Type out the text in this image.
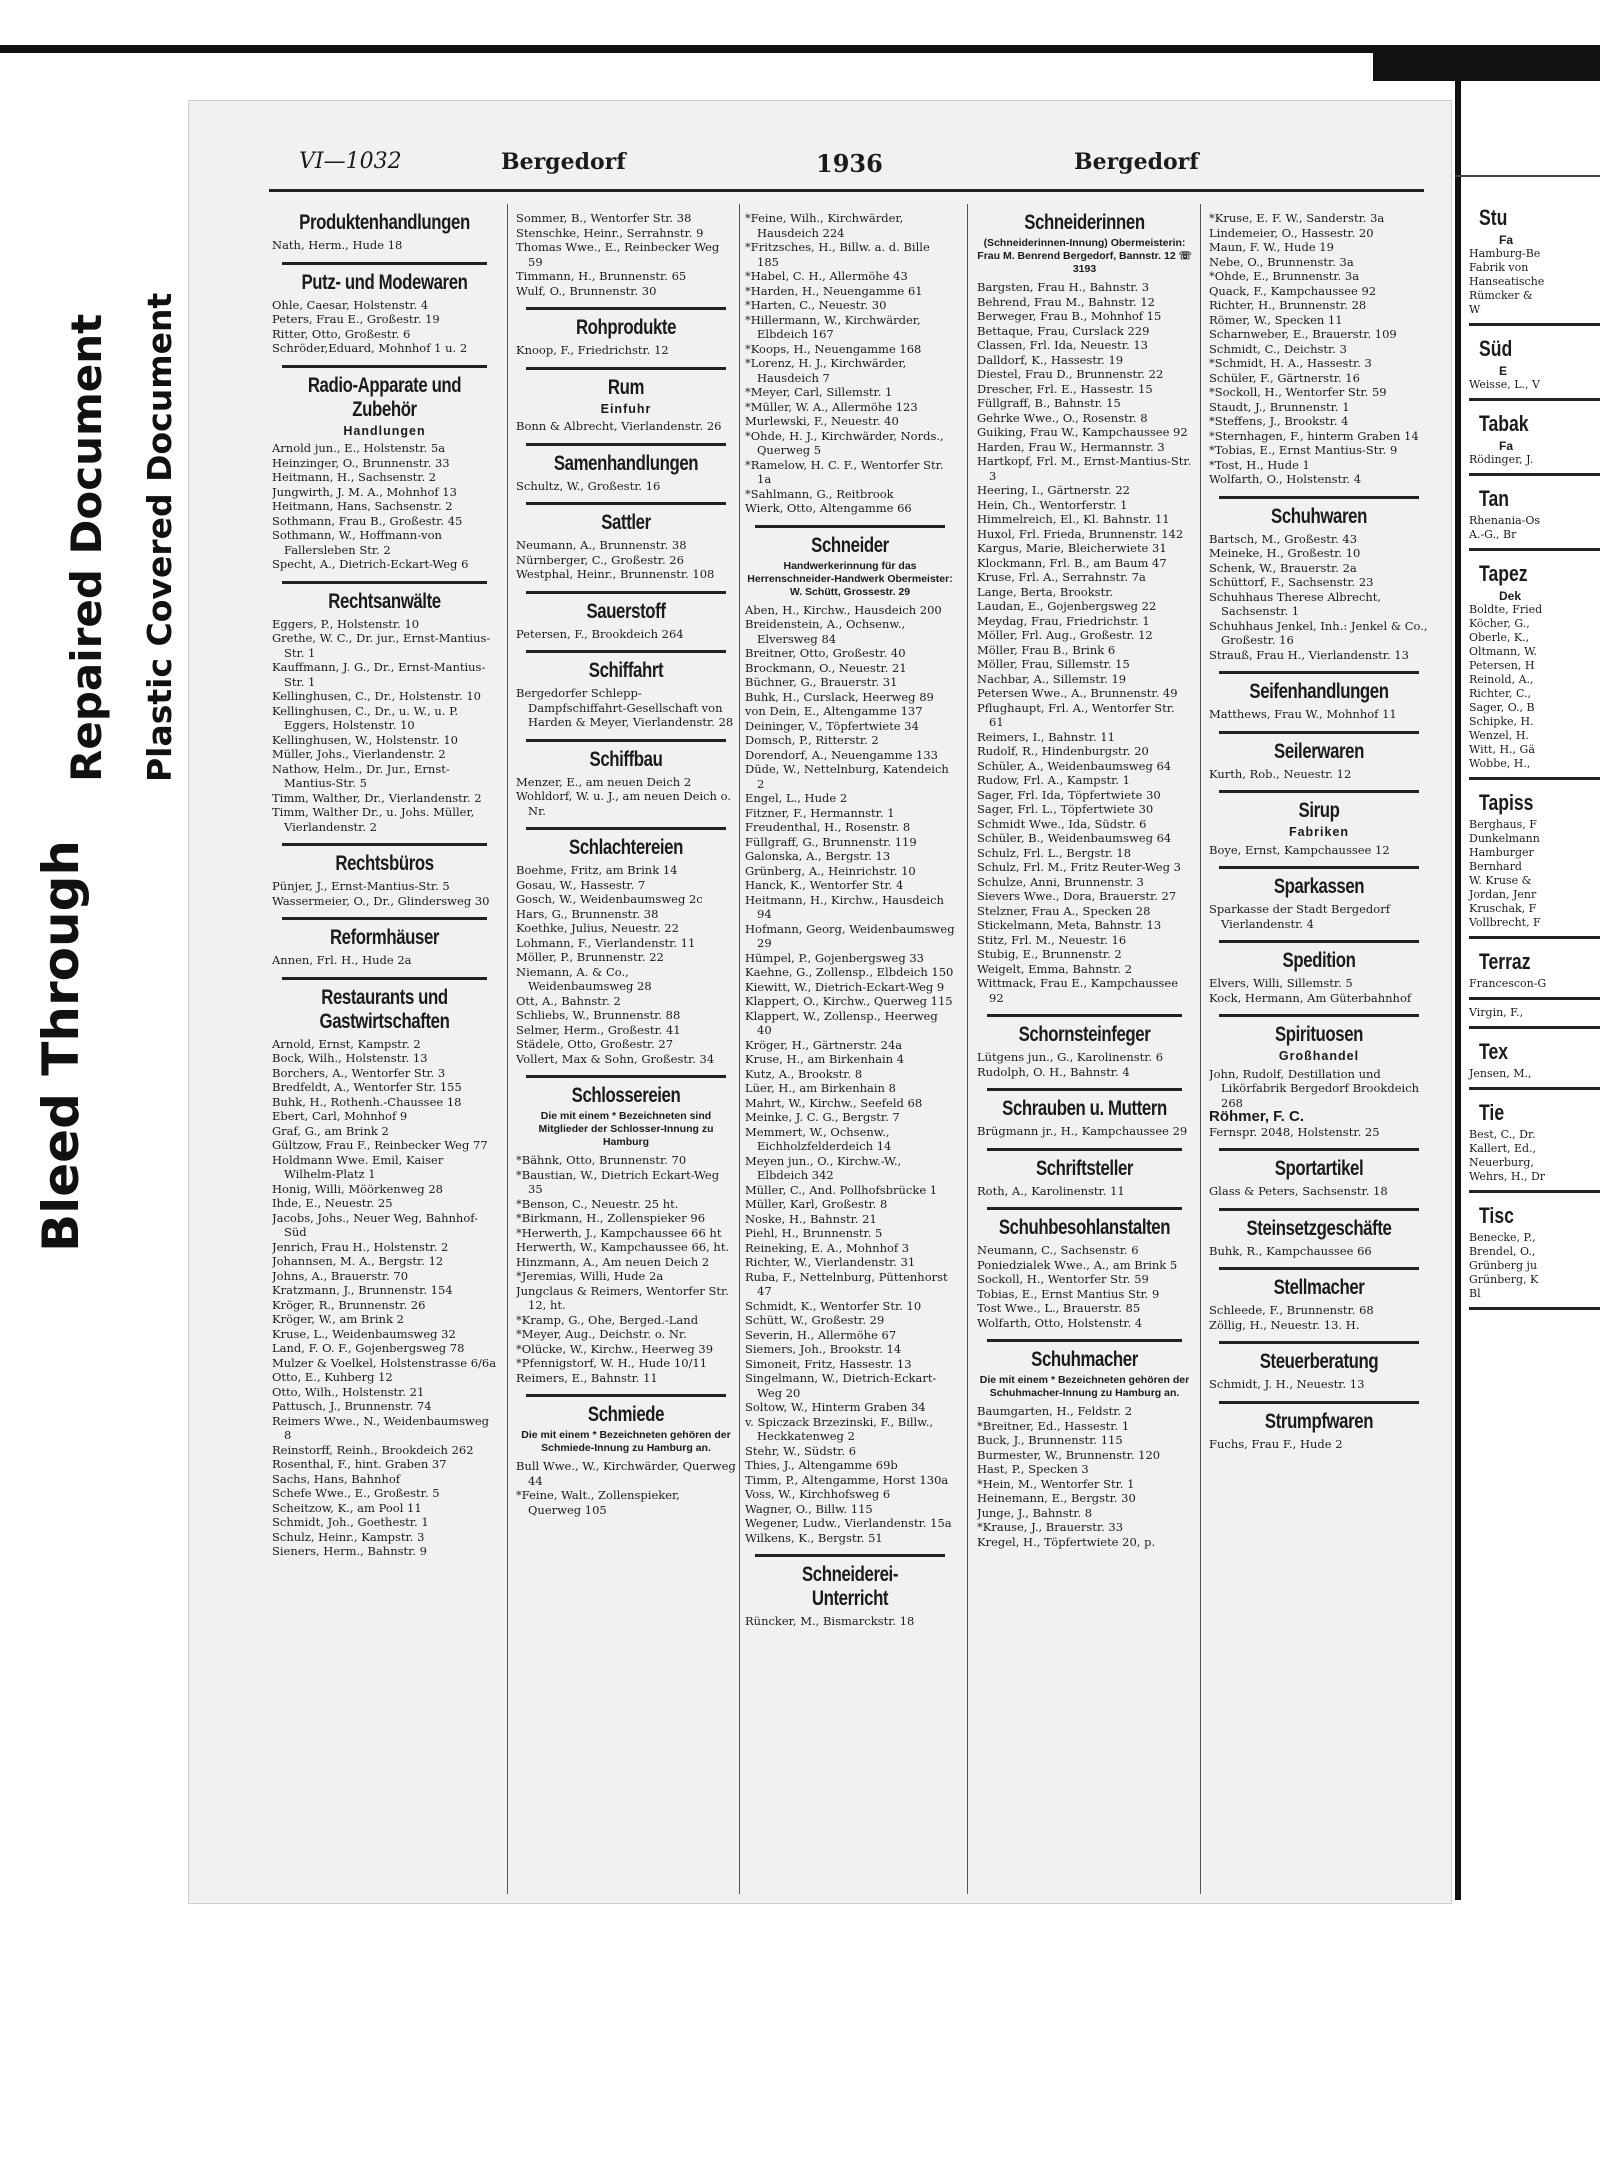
Bleed Through
Repaired Document Plastic Covered Document
VI—1032	Bergedorf	1936	Bergedorf
Produktenhandlungen

Nath, Herm., Hude 18

Putz- und Modewaren

Ohle, Caesar, Holstenstr. 4

Peters, Frau E., Großestr. 19

Ritter, Otto, Großestr. 6

Schröder,Eduard, Mohnhof 1 u. 2

Radio-Apparate und Zubehör
Handlungen

Arnold jun., E., Holstenstr. 5a

Heinzinger, O., Brunnenstr. 33

Heitmann, H., Sachsenstr. 2

Jungwirth, J. M. A., Mohnhof 13

Heitmann, Hans, Sachsenstr. 2

Sothmann, Frau B., Großestr. 45

Sothmann, W., Hoffmann-von Fallersleben Str. 2

Specht, A., Dietrich-Eckart-Weg 6

Rechtsanwälte

Eggers, P., Holstenstr. 10

Grethe, W. C., Dr. jur., Ernst-Mantius-Str. 1

Kauffmann, J. G., Dr., Ernst-Mantius-Str. 1

Kellinghusen, C., Dr., Holstenstr. 10

Kellinghusen, C., Dr., u. W., u. P. Eggers, Holstenstr. 10

Kellinghusen, W., Holstenstr. 10

Müller, Johs., Vierlandenstr. 2

Nathow, Helm., Dr. Jur., Ernst-Mantius-Str. 5

Timm, Walther, Dr., Vierlandenstr. 2

Timm, Walther Dr., u. Johs. Müller, Vierlandenstr. 2

Rechtsbüros

Pünjer, J., Ernst-Mantius-Str. 5

Wassermeier, O., Dr., Glindersweg 30

Reformhäuser

Annen, Frl. H., Hude 2a

Restaurants und Gastwirtschaften

Arnold, Ernst, Kampstr. 2

Bock, Wilh., Holstenstr. 13

Borchers, A., Wentorfer Str. 3

Bredfeldt, A., Wentorfer Str. 155

Buhk, H., Rothenh.-Chaussee 18

Ebert, Carl, Mohnhof 9

Graf, G., am Brink 2

Gültzow, Frau F., Reinbecker Weg 77

Holdmann Wwe. Emil, Kaiser Wilhelm-Platz 1

Honig, Willi, Möörkenweg 28

Ihde, E., Neuestr. 25

Jacobs, Johs., Neuer Weg, Bahnhof-Süd

Jenrich, Frau H., Holstenstr. 2

Johannsen, M. A., Bergstr. 12

Johns, A., Brauerstr. 70

Kratzmann, J., Brunnenstr. 154

Kröger, R., Brunnenstr. 26

Kröger, W., am Brink 2

Kruse, L., Weidenbaumsweg 32

Land, F. O. F., Gojenbergsweg 78

Mulzer & Voelkel, Holstenstrasse 6/6a

Otto, E., Kuhberg 12

Otto, Wilh., Holstenstr. 21

Pattusch, J., Brunnenstr. 74

Reimers Wwe., N., Weidenbaumsweg 8

Reinstorff, Reinh., Brookdeich 262

Rosenthal, F., hint. Graben 37

Sachs, Hans, Bahnhof

Schefe Wwe., E., Großestr. 5

Scheitzow, K., am Pool 11

Schmidt, Joh., Goethestr. 1

Schulz, Heinr., Kampstr. 3

Sieners, Herm., Bahnstr. 9

Sommer, B., Wentorfer Str. 38

Stenschke, Heinr., Serrahnstr. 9

Thomas Wwe., E., Reinbecker Weg 59

Timmann, H., Brunnenstr. 65

Wulf, O., Brunnenstr. 30

Rohprodukte

Knoop, F., Friedrichstr. 12

Rum
Einfuhr

Bonn & Albrecht, Vierlandenstr. 26

Samenhandlungen

Schultz, W., Großestr. 16

Sattler

Neumann, A., Brunnenstr. 38

Nürnberger, C., Großestr. 26

Westphal, Heinr., Brunnenstr. 108

Sauerstoff

Petersen, F., Brookdeich 264

Schiffahrt

Bergedorfer Schlepp-Dampfschiffahrt-Gesellschaft von Harden & Meyer, Vierlandenstr. 28

Schiffbau

Menzer, E., am neuen Deich 2

Wohldorf, W. u. J., am neuen Deich o. Nr.

Schlachtereien

Boehme, Fritz, am Brink 14

Gosau, W., Hassestr. 7

Gosch, W., Weidenbaumsweg 2c

Hars, G., Brunnenstr. 38

Koethke, Julius, Neuestr. 22

Lohmann, F., Vierlandenstr. 11

Möller, P., Brunnenstr. 22

Niemann, A. & Co., Weidenbaumsweg 28

Ott, A., Bahnstr. 2

Schliebs, W., Brunnenstr. 88

Selmer, Herm., Großestr. 41

Städele, Otto, Großestr. 27

Vollert, Max & Sohn, Großestr. 34

Schlossereien
Die mit einem * Bezeichneten sind Mitglieder der Schlosser-Innung zu Hamburg

*Bähnk, Otto, Brunnenstr. 70

*Baustian, W., Dietrich Eckart-Weg 35

*Benson, C., Neuestr. 25 ht.

*Birkmann, H., Zollenspieker 96

*Herwerth, J., Kampchaussee 66 ht

Herwerth, W., Kampchaussee 66, ht.

Hinzmann, A., Am neuen Deich 2

*Jeremias, Willi, Hude 2a

Jungclaus & Reimers, Wentorfer Str. 12, ht.

*Kramp, G., Ohe, Berged.-Land

*Meyer, Aug., Deichstr. o. Nr.

*Olücke, W., Kirchw., Heerweg 39

*Pfennigstorf, W. H., Hude 10/11

Reimers, E., Bahnstr. 11

Schmiede
Die mit einem * Bezeichneten gehören der Schmiede-Innung zu Hamburg an.

Bull Wwe., W., Kirchwärder, Querweg 44

*Feine, Walt., Zollenspieker, Querweg 105

*Feine, Wilh., Kirchwärder, Hausdeich 224

*Fritzsches, H., Billw. a. d. Bille 185

*Habel, C. H., Allermöhe 43

*Harden, H., Neuengamme 61

*Harten, C., Neuestr. 30

*Hillermann, W., Kirchwärder, Elbdeich 167

*Koops, H., Neuengamme 168

*Lorenz, H. J., Kirchwärder, Hausdeich 7

*Meyer, Carl, Sillemstr. 1

*Müller, W. A., Allermöhe 123

Murlewski, F., Neuestr. 40

*Ohde, H. J., Kirchwärder, Nords., Querweg 5

*Ramelow, H. C. F., Wentorfer Str. 1a

*Sahlmann, G., Reitbrook

Wierk, Otto, Altengamme 66

Schneider
Handwerkerinnung für das Herrenschneider-Handwerk Obermeister: W. Schütt, Grossestr. 29

Aben, H., Kirchw., Hausdeich 200

Breidenstein, A., Ochsenw., Elversweg 84

Breitner, Otto, Großestr. 40

Brockmann, O., Neuestr. 21

Büchner, G., Brauerstr. 31

Buhk, H., Curslack, Heerweg 89

von Dein, E., Altengamme 137

Deininger, V., Töpfertwiete 34

Domsch, P., Ritterstr. 2

Dorendorf, A., Neuengamme 133

Düde, W., Nettelnburg, Katendeich 2

Engel, L., Hude 2

Fitzner, F., Hermannstr. 1

Freudenthal, H., Rosenstr. 8

Füllgraff, G., Brunnenstr. 119

Galonska, A., Bergstr. 13

Grünberg, A., Heinrichstr. 10

Hanck, K., Wentorfer Str. 4

Heitmann, H., Kirchw., Hausdeich 94

Hofmann, Georg, Weidenbaumsweg 29

Hümpel, P., Gojenbergsweg 33

Kaehne, G., Zollensp., Elbdeich 150

Kiewitt, W., Dietrich-Eckart-Weg 9

Klappert, O., Kirchw., Querweg 115

Klappert, W., Zollensp., Heerweg 40

Kröger, H., Gärtnerstr. 24a

Kruse, H., am Birkenhain 4

Kutz, A., Brookstr. 8

Lüer, H., am Birkenhain 8

Mahrt, W., Kirchw., Seefeld 68

Meinke, J. C. G., Bergstr. 7

Memmert, W., Ochsenw., Eichholzfelderdeich 14

Meyen jun., O., Kirchw.-W., Elbdeich 342

Müller, C., And. Pollhofsbrücke 1

Müller, Karl, Großestr. 8

Noske, H., Bahnstr. 21

Piehl, H., Brunnenstr. 5

Reineking, E. A., Mohnhof 3

Richter, W., Vierlandenstr. 31

Ruba, F., Nettelnburg, Püttenhorst 47

Schmidt, K., Wentorfer Str. 10

Schütt, W., Großestr. 29

Severin, H., Allermöhe 67

Siemers, Joh., Brookstr. 14

Simoneit, Fritz, Hassestr. 13

Singelmann, W., Dietrich-Eckart-Weg 20

Soltow, W., Hinterm Graben 34

v. Spiczack Brzezinski, F., Billw., Heckkatenweg 2

Stehr, W., Südstr. 6

Thies, J., Altengamme 69b

Timm, P., Altengamme, Horst 130a

Voss, W., Kirchhofsweg 6

Wagner, O., Billw. 115

Wegener, Ludw., Vierlandenstr. 15a

Wilkens, K., Bergstr. 51

Schneiderei-Unterricht

Rüncker, M., Bismarckstr. 18

Schneiderinnen
(Schneiderinnen-Innung) Obermeisterin: Frau M. Benrend Bergedorf, Bannstr. 12 ☏ 3193

Bargsten, Frau H., Bahnstr. 3

Behrend, Frau M., Bahnstr. 12

Berweger, Frau B., Mohnhof 15

Bettaque, Frau, Curslack 229

Classen, Frl. Ida, Neuestr. 13

Dalldorf, K., Hassestr. 19

Diestel, Frau D., Brunnenstr. 22

Drescher, Frl. E., Hassestr. 15

Füllgraff, B., Bahnstr. 15

Gehrke Wwe., O., Rosenstr. 8

Guiking, Frau W., Kampchaussee 92

Harden, Frau W., Hermannstr. 3

Hartkopf, Frl. M., Ernst-Mantius-Str. 3

Heering, I., Gärtnerstr. 22

Hein, Ch., Wentorferstr. 1

Himmelreich, El., Kl. Bahnstr. 11

Huxol, Frl. Frieda, Brunnenstr. 142

Kargus, Marie, Bleicherwiete 31

Klockmann, Frl. B., am Baum 47

Kruse, Frl. A., Serrahnstr. 7a

Lange, Berta, Brookstr.

Laudan, E., Gojenbergsweg 22

Meydag, Frau, Friedrichstr. 1

Möller, Frl. Aug., Großestr. 12

Möller, Frau B., Brink 6

Möller, Frau, Sillemstr. 15

Nachbar, A., Sillemstr. 19

Petersen Wwe., A., Brunnenstr. 49

Pflughaupt, Frl. A., Wentorfer Str. 61

Reimers, I., Bahnstr. 11

Rudolf, R., Hindenburgstr. 20

Schüler, A., Weidenbaumsweg 64

Rudow, Frl. A., Kampstr. 1

Sager, Frl. Ida, Töpfertwiete 30

Sager, Frl. L., Töpfertwiete 30

Schmidt Wwe., Ida, Südstr. 6

Schüler, B., Weidenbaumsweg 64

Schulz, Frl. L., Bergstr. 18

Schulz, Frl. M., Fritz Reuter-Weg 3

Schulze, Anni, Brunnenstr. 3

Sievers Wwe., Dora, Brauerstr. 27

Stelzner, Frau A., Specken 28

Stickelmann, Meta, Bahnstr. 13

Stitz, Frl. M., Neuestr. 16

Stubig, E., Brunnenstr. 2

Weigelt, Emma, Bahnstr. 2

Wittmack, Frau E., Kampchaussee 92

Schornsteinfeger

Lütgens jun., G., Karolinenstr. 6

Rudolph, O. H., Bahnstr. 4

Schrauben u. Muttern

Brügmann jr., H., Kampchaussee 29

Schriftsteller

Roth, A., Karolinenstr. 11

Schuhbesohlanstalten

Neumann, C., Sachsenstr. 6

Poniedzialek Wwe., A., am Brink 5

Sockoll, H., Wentorfer Str. 59

Tobias, E., Ernst Mantius Str. 9

Tost Wwe., L., Brauerstr. 85

Wolfarth, Otto, Holstenstr. 4

Schuhmacher
Die mit einem * Bezeichneten gehören der Schuhmacher-Innung zu Hamburg an.

Baumgarten, H., Feldstr. 2

*Breitner, Ed., Hassestr. 1

Buck, J., Brunnenstr. 115

Burmester, W., Brunnenstr. 120

Hast, P., Specken 3

*Hein, M., Wentorfer Str. 1

Heinemann, E., Bergstr. 30

Junge, J., Bahnstr. 8

*Krause, J., Brauerstr. 33

Kregel, H., Töpfertwiete 20, p.

*Kruse, E. F. W., Sanderstr. 3a

Lindemeier, O., Hassestr. 20

Maun, F. W., Hude 19

Nebe, O., Brunnenstr. 3a

*Ohde, E., Brunnenstr. 3a

Quack, F., Kampchaussee 92

Richter, H., Brunnenstr. 28

Römer, W., Specken 11

Scharnweber, E., Brauerstr. 109

Schmidt, C., Deichstr. 3

*Schmidt, H. A., Hassestr. 3

Schüler, F., Gärtnerstr. 16

*Sockoll, H., Wentorfer Str. 59

Staudt, J., Brunnenstr. 1

*Steffens, J., Brookstr. 4

*Sternhagen, F., hinterm Graben 14

*Tobias, E., Ernst Mantius-Str. 9

*Tost, H., Hude 1

Wolfarth, O., Holstenstr. 4

Schuhwaren

Bartsch, M., Großestr. 43

Meineke, H., Großestr. 10

Schenk, W., Brauerstr. 2a

Schüttorf, F., Sachsenstr. 23

Schuhhaus Therese Albrecht, Sachsenstr. 1

Schuhhaus Jenkel, Inh.: Jenkel & Co., Großestr. 16

Strauß, Frau H., Vierlandenstr. 13

Seifenhandlungen

Matthews, Frau W., Mohnhof 11

Seilerwaren

Kurth, Rob., Neuestr. 12

Sirup
Fabriken

Boye, Ernst, Kampchaussee 12

Sparkassen

Sparkasse der Stadt Bergedorf Vierlandenstr. 4

Spedition

Elvers, Willi, Sillemstr. 5

Kock, Hermann, Am Güterbahnhof

Spirituosen
Großhandel

John, Rudolf, Destillation und Likörfabrik Bergedorf Brookdeich 268

Röhmer, F. C.

Fernspr. 2048, Holstenstr. 25

Sportartikel

Glass & Peters, Sachsenstr. 18

Steinsetzgeschäfte

Buhk, R., Kampchaussee 66

Stellmacher

Schleede, F., Brunnenstr. 68

Zöllig, H., Neuestr. 13. H.

Steuerberatung

Schmidt, J. H., Neuestr. 13

Strumpfwaren

Fuchs, Frau F., Hude 2

Stu
Fa
Hamburg-Be
Fabrik von
Hanseatische
Rümcker &
W
Süd
E
Weisse, L., V
Tabak
Fa
Rödinger, J.
Tan
Rhenania-Os
A.-G., Br
Tapez
Dek
Boldte, Fried
Köcher, G.,
Oberle, K.,
Oltmann, W.
Petersen, H
Reinold, A.,
Richter, C.,
Sager, O., B
Schipke, H.
Wenzel, H.
Witt, H., Gä
Wobbe, H.,
Tapiss
Berghaus, F
Dunkelmann
Hamburger
Bernhard
W. Kruse &
Jordan, Jenr
Kruschak, F
Vollbrecht, F
Terraz
Francescon-G
Virgin, F.,
Tex
Jensen, M.,
Tie
Best, C., Dr.
Kallert, Ed.,
Neuerburg,
Wehrs, H., Dr
Tisc
Benecke, P.,
Brendel, O.,
Grünberg ju
Grünberg, K
Bl
